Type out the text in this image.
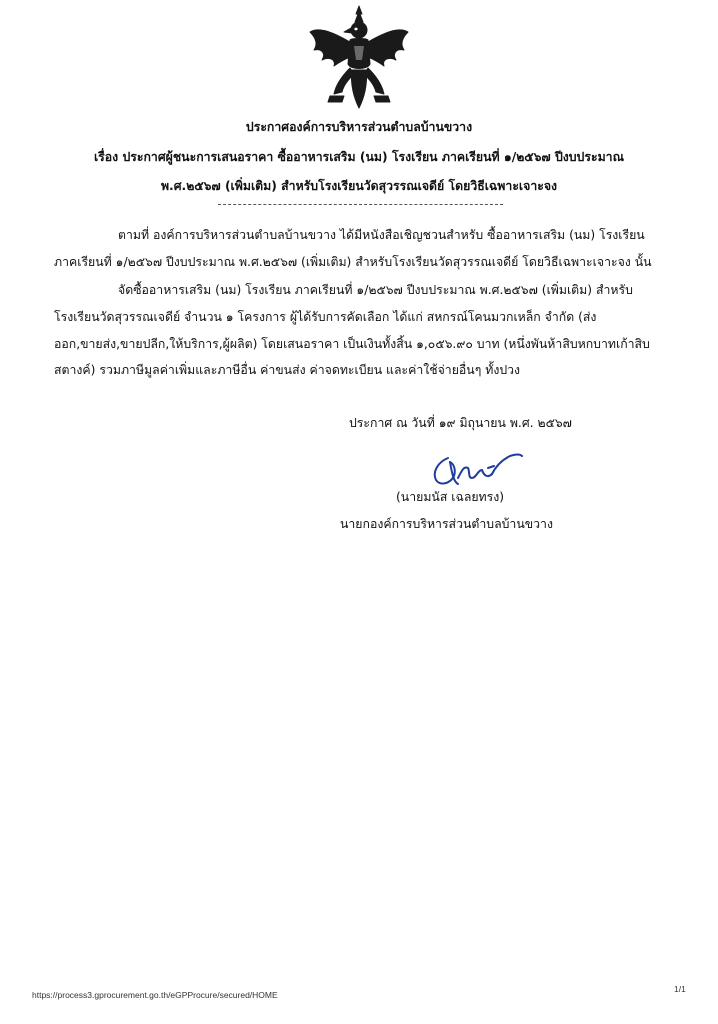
ประกาศองค์การบริหารส่วนตำบลบ้านขวาง
เรื่อง ประกาศผู้ชนะการเสนอราคา ซื้ออาหารเสริม (นม) โรงเรียน ภาคเรียนที่ ๑/๒๕๖๗ ปีงบประมาณ
พ.ศ.๒๕๖๗ (เพิ่มเติม) สำหรับโรงเรียนวัดสุวรรณเจดีย์ โดยวิธีเฉพาะเจาะจง
ตามที่ องค์การบริหารส่วนตำบลบ้านขวาง ได้มีหนังสือเชิญชวนสำหรับ ซื้ออาหารเสริม (นม) โรงเรียน
ภาคเรียนที่ ๑/๒๕๖๗ ปีงบประมาณ พ.ศ.๒๕๖๗ (เพิ่มเติม) สำหรับโรงเรียนวัดสุวรรณเจดีย์ โดยวิธีเฉพาะเจาะจง นั้น
จัดซื้ออาหารเสริม (นม) โรงเรียน ภาคเรียนที่ ๑/๒๕๖๗ ปีงบประมาณ พ.ศ.๒๕๖๗ (เพิ่มเติม) สำหรับ
โรงเรียนวัดสุวรรณเจดีย์ จำนวน ๑ โครงการ ผู้ได้รับการคัดเลือก ได้แก่ สหกรณ์โคนมวกเหล็ก จำกัด (ส่ง
ออก,ขายส่ง,ขายปลีก,ให้บริการ,ผู้ผลิต) โดยเสนอราคา เป็นเงินทั้งสิ้น ๑,๐๕๖.๙๐ บาท (หนึ่งพันห้าสิบหกบาทเก้าสิบ
สตางค์) รวมภาษีมูลค่าเพิ่มและภาษีอื่น ค่าขนส่ง ค่าจดทะเบียน และค่าใช้จ่ายอื่นๆ ทั้งปวง
ประกาศ ณ วันที่ ๑๙ มิถุนายน พ.ศ. ๒๕๖๗
(นายมนัส เฉลยทรง)
นายกองค์การบริหารส่วนตำบลบ้านขวาง
https://process3.gprocurement.go.th/eGPProcure/secured/HOME
1/1
